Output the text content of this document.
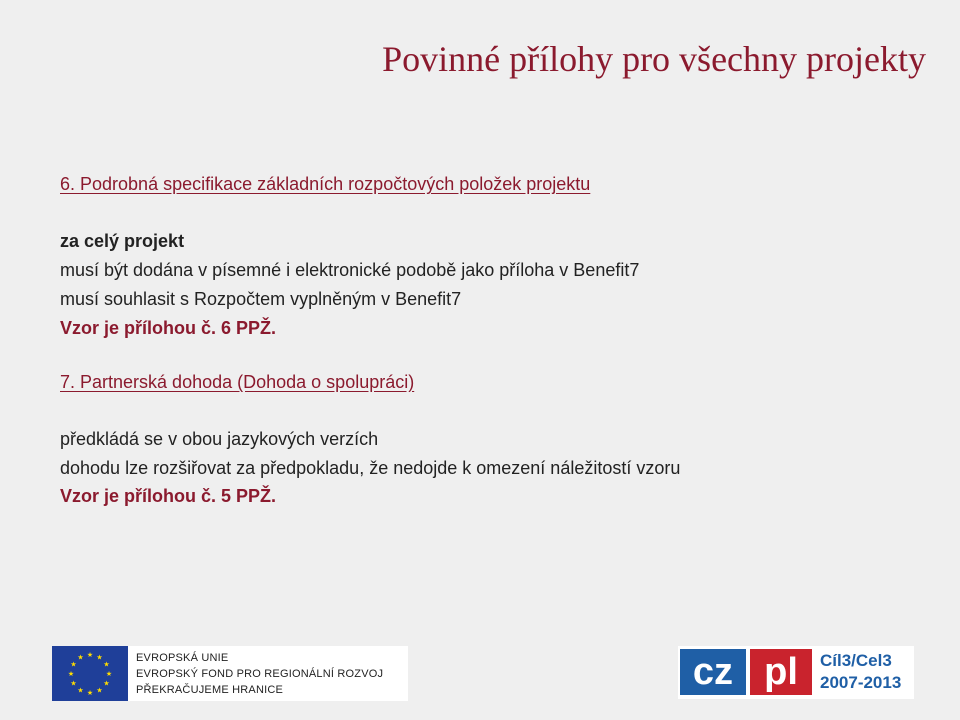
Povinné přílohy pro všechny projekty
6. Podrobná specifikace základních rozpočtových položek projektu
za celý projekt
musí být dodána v písemné i elektronické podobě jako příloha v Benefit7
musí souhlasit s Rozpočtem vyplněným v Benefit7
Vzor je přílohou č. 6 PPŽ.
7. Partnerská dohoda (Dohoda o spolupráci)
předkládá se v obou jazykových verzích
dohodu lze rozšiřovat za předpokladu, že nedojde k omezení náležitostí vzoru
Vzor je přílohou č. 5 PPŽ.
★ ★
★
★
★
★
★
★
★
★
★
★	EVROPSKÁ UNIE
EVROPSKÝ FOND PRO REGIONÁLNÍ ROZVOJ
PŘEKRAČUJEME HRANICE	cz pl	Cíl3/Cel3
2007-2013
